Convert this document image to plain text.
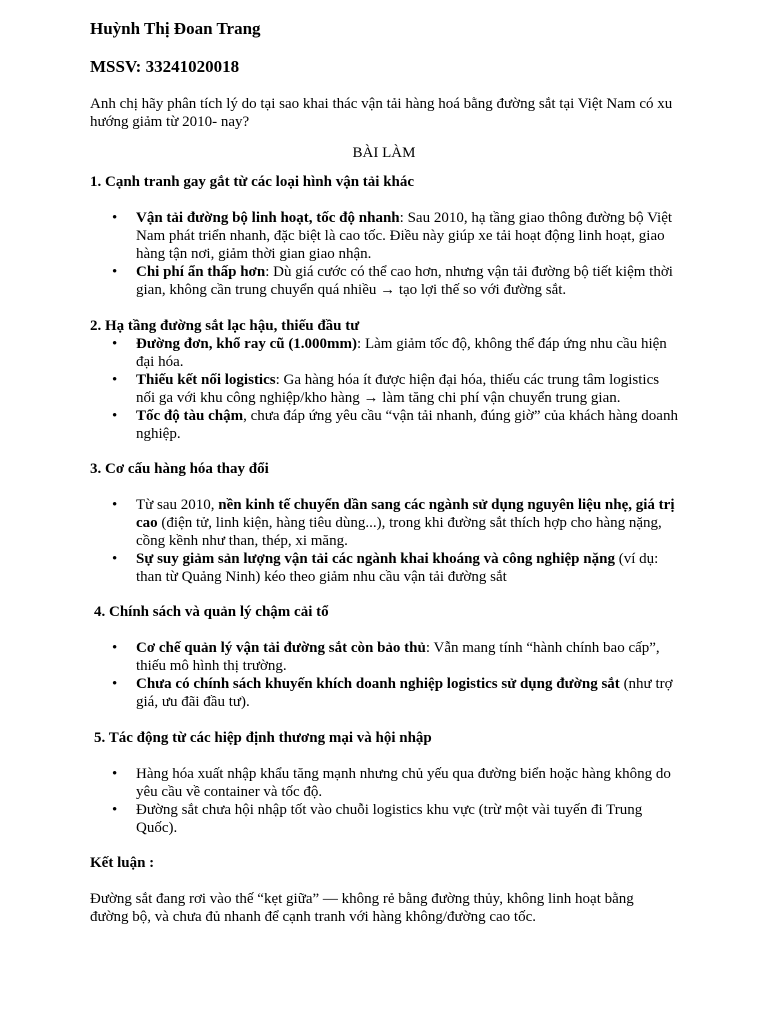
Huỳnh Thị Đoan Trang
MSSV: 33241020018
Anh chị hãy phân tích lý do tại sao khai thác vận tải hàng hoá bằng đường sắt tại Việt Nam có xu hướng giảm từ 2010- nay?
BÀI LÀM
1. Cạnh tranh gay gắt từ các loại hình vận tải khác
• Vận tải đường bộ linh hoạt, tốc độ nhanh: Sau 2010, hạ tầng giao thông đường bộ Việt Nam phát triển nhanh, đặc biệt là cao tốc. Điều này giúp xe tải hoạt động linh hoạt, giao hàng tận nơi, giảm thời gian giao nhận.
• Chi phí ẩn thấp hơn: Dù giá cước có thể cao hơn, nhưng vận tải đường bộ tiết kiệm thời gian, không cần trung chuyển quá nhiều → tạo lợi thế so với đường sắt.
2. Hạ tầng đường sắt lạc hậu, thiếu đầu tư
• Đường đơn, khổ ray cũ (1.000mm): Làm giảm tốc độ, không thể đáp ứng nhu cầu hiện đại hóa.
• Thiếu kết nối logistics: Ga hàng hóa ít được hiện đại hóa, thiếu các trung tâm logistics nối ga với khu công nghiệp/kho hàng → làm tăng chi phí vận chuyển trung gian.
• Tốc độ tàu chậm, chưa đáp ứng yêu cầu “vận tải nhanh, đúng giờ” của khách hàng doanh nghiệp.
3. Cơ cấu hàng hóa thay đổi
• Từ sau 2010, nền kinh tế chuyển dần sang các ngành sử dụng nguyên liệu nhẹ, giá trị cao (điện tử, linh kiện, hàng tiêu dùng...), trong khi đường sắt thích hợp cho hàng nặng, cồng kềnh như than, thép, xi măng.
• Sự suy giảm sản lượng vận tải các ngành khai khoáng và công nghiệp nặng (ví dụ: than từ Quảng Ninh) kéo theo giảm nhu cầu vận tải đường sắt
4. Chính sách và quản lý chậm cải tổ
• Cơ chế quản lý vận tải đường sắt còn bảo thủ: Vẫn mang tính “hành chính bao cấp”, thiếu mô hình thị trường.
• Chưa có chính sách khuyến khích doanh nghiệp logistics sử dụng đường sắt (như trợ giá, ưu đãi đầu tư).
5. Tác động từ các hiệp định thương mại và hội nhập
• Hàng hóa xuất nhập khẩu tăng mạnh nhưng chủ yếu qua đường biển hoặc hàng không do yêu cầu về container và tốc độ.
• Đường sắt chưa hội nhập tốt vào chuỗi logistics khu vực (trừ một vài tuyến đi Trung Quốc).
Kết luận :
Đường sắt đang rơi vào thế “kẹt giữa” — không rẻ bằng đường thủy, không linh hoạt bằng đường bộ, và chưa đủ nhanh để cạnh tranh với hàng không/đường cao tốc.
